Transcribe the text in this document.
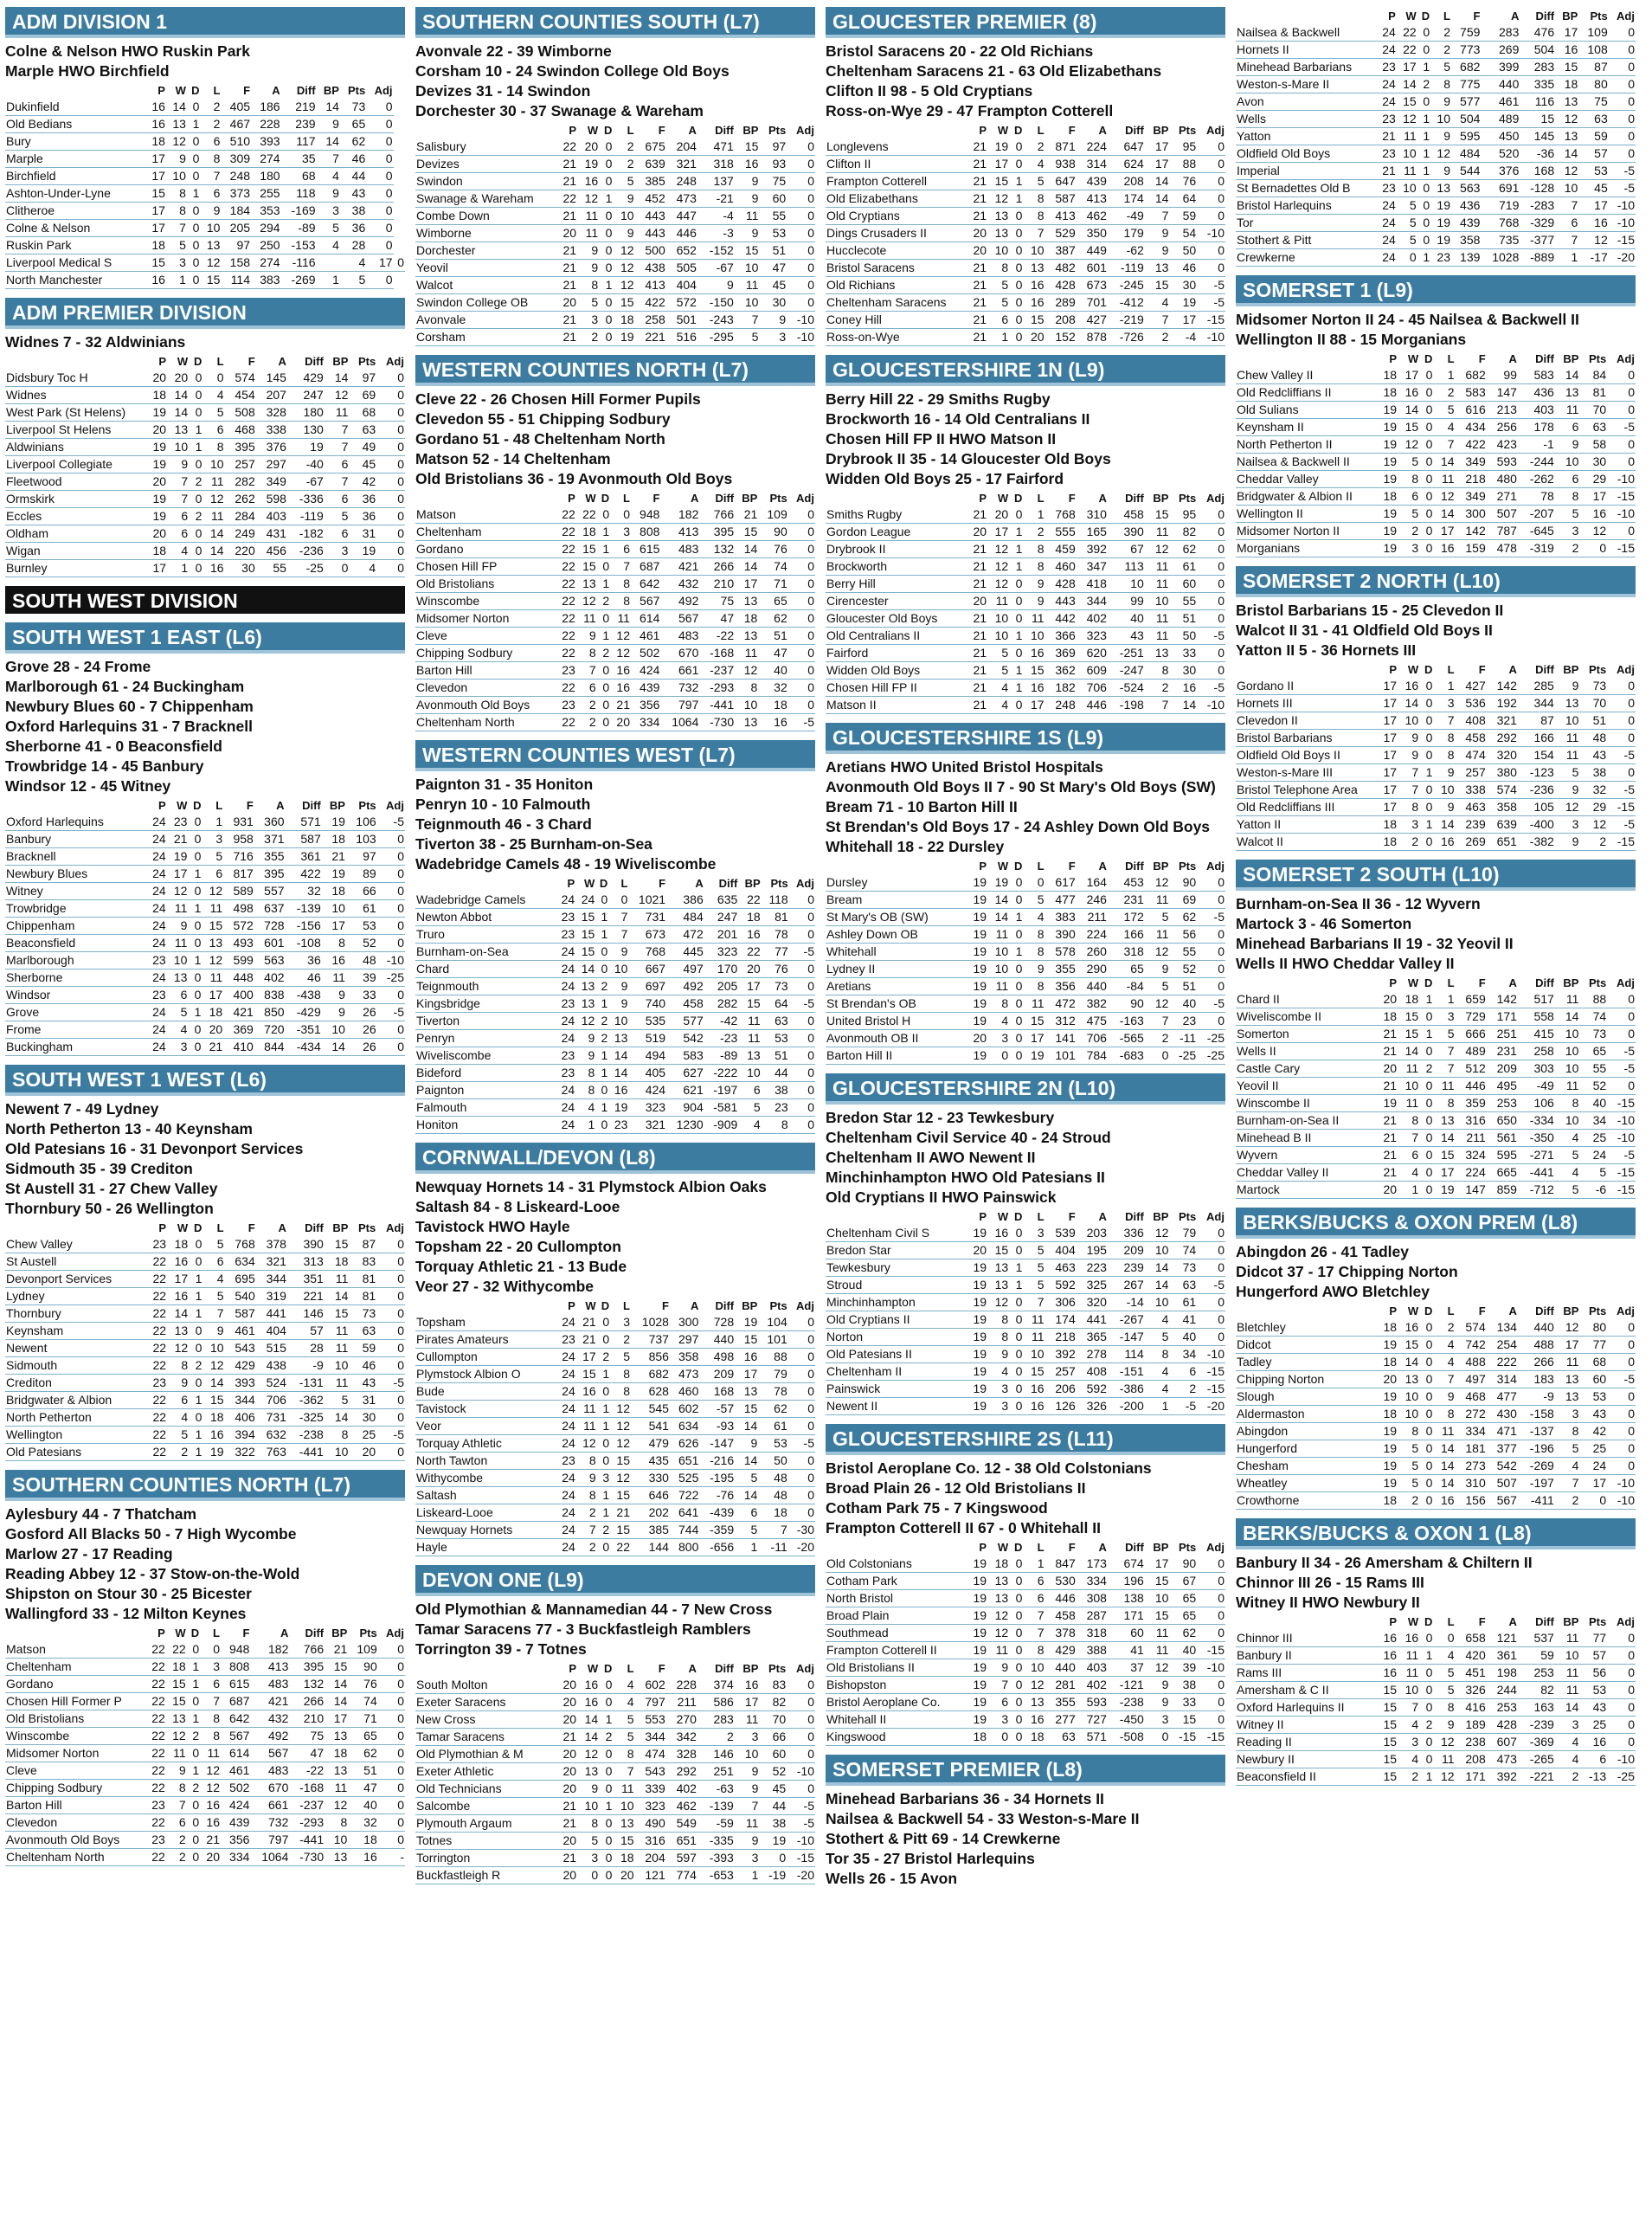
ADM DIVISION 1
Colne & Nelson HWO Ruskin Park
Marple HWO Birchfield
	P	W	D	L	F	A	Diff	BP	Pts	Adj	
Dukinfield	16	14	0	2	405	186	219	14	73	0	
Old Bedians	16	13	1	2	467	228	239	9	65	0	
Bury	18	12	0	6	510	393	117	14	62	0	
Marple	17	9	0	8	309	274	35	7	46	0	
Birchfield	17	10	0	7	248	180	68	4	44	0	
Ashton-Under-Lyne	15	8	1	6	373	255	118	9	43	0	
Clitheroe	17	8	0	9	184	353	-169	3	38	0	
Colne & Nelson	17	7	0	10	205	294	-89	5	36	0	
Ruskin Park	18	5	0	13	97	250	-153	4	28	0	
Liverpool Medical S	15	3	0	12	158	274	-116		4	17	0
North Manchester	16	1	0	15	114	383	-269	1	5	0	
ADM PREMIER DIVISION
Widnes 7 - 32 Aldwinians
	P	W	D	L	F	A	Diff	BP	Pts	Adj
Didsbury Toc H	20	20	0	0	574	145	429	14	97	0
Widnes	18	14	0	4	454	207	247	12	69	0
West Park (St Helens)	19	14	0	5	508	328	180	11	68	0
Liverpool St Helens	20	13	1	6	468	338	130	7	63	0
Aldwinians	19	10	1	8	395	376	19	7	49	0
Liverpool Collegiate	19	9	0	10	257	297	-40	6	45	0
Fleetwood	20	7	2	11	282	349	-67	7	42	0
Ormskirk	19	7	0	12	262	598	-336	6	36	0
Eccles	19	6	2	11	284	403	-119	5	36	0
Oldham	20	6	0	14	249	431	-182	6	31	0
Wigan	18	4	0	14	220	456	-236	3	19	0
Burnley	17	1	0	16	30	55	-25	0	4	0
SOUTH WEST DIVISION
SOUTH WEST 1 EAST (L6)
Grove 28 - 24 Frome
Marlborough 61 - 24 Buckingham
Newbury Blues 60 - 7 Chippenham
Oxford Harlequins 31 - 7 Bracknell
Sherborne 41 - 0 Beaconsfield
Trowbridge 14 - 45 Banbury
Windsor 12 - 45 Witney
	P	W	D	L	F	A	Diff	BP	Pts	Adj
Oxford Harlequins	24	23	0	1	931	360	571	19	106	-5
Banbury	24	21	0	3	958	371	587	18	103	0
Bracknell	24	19	0	5	716	355	361	21	97	0
Newbury Blues	24	17	1	6	817	395	422	19	89	0
Witney	24	12	0	12	589	557	32	18	66	0
Trowbridge	24	11	1	11	498	637	-139	10	61	0
Chippenham	24	9	0	15	572	728	-156	17	53	0
Beaconsfield	24	11	0	13	493	601	-108	8	52	0
Marlborough	23	10	1	12	599	563	36	16	48	-10
Sherborne	24	13	0	11	448	402	46	11	39	-25
Windsor	23	6	0	17	400	838	-438	9	33	0
Grove	24	5	1	18	421	850	-429	9	26	-5
Frome	24	4	0	20	369	720	-351	10	26	0
Buckingham	24	3	0	21	410	844	-434	14	26	0
SOUTH WEST 1 WEST (L6)
Newent 7 - 49 Lydney
North Petherton 13 - 40 Keynsham
Old Patesians 16 - 31 Devonport Services
Sidmouth 35 - 39 Crediton
St Austell 31 - 27 Chew Valley
Thornbury 50 - 26 Wellington
	P	W	D	L	F	A	Diff	BP	Pts	Adj
Chew Valley	23	18	0	5	768	378	390	15	87	0
St Austell	22	16	0	6	634	321	313	18	83	0
Devonport Services	22	17	1	4	695	344	351	11	81	0
Lydney	22	16	1	5	540	319	221	14	81	0
Thornbury	22	14	1	7	587	441	146	15	73	0
Keynsham	22	13	0	9	461	404	57	11	63	0
Newent	22	12	0	10	543	515	28	11	59	0
Sidmouth	22	8	2	12	429	438	-9	10	46	0
Crediton	23	9	0	14	393	524	-131	11	43	-5
Bridgwater & Albion	22	6	1	15	344	706	-362	5	31	0
North Petherton	22	4	0	18	406	731	-325	14	30	0
Wellington	22	5	1	16	394	632	-238	8	25	-5
Old Patesians	22	2	1	19	322	763	-441	10	20	0
SOUTHERN COUNTIES NORTH (L7)
Aylesbury 44 - 7 Thatcham
Gosford All Blacks 50 - 7 High Wycombe
Marlow 27 - 17 Reading
Reading Abbey 12 - 37 Stow-on-the-Wold
Shipston on Stour 30 - 25 Bicester
Wallingford 33 - 12 Milton Keynes
	P	W	D	L	F	A	Diff	BP	Pts	Adj
Matson	22	22	0	0	948	182	766	21	109	0
Cheltenham	22	18	1	3	808	413	395	15	90	0
Gordano	22	15	1	6	615	483	132	14	76	0
Chosen Hill Former P	22	15	0	7	687	421	266	14	74	0
Old Bristolians	22	13	1	8	642	432	210	17	71	0
Winscombe	22	12	2	8	567	492	75	13	65	0
Midsomer Norton	22	11	0	11	614	567	47	18	62	0
Cleve	22	9	1	12	461	483	-22	13	51	0
Chipping Sodbury	22	8	2	12	502	670	-168	11	47	0
Barton Hill	23	7	0	16	424	661	-237	12	40	0
Clevedon	22	6	0	16	439	732	-293	8	32	0
Avonmouth Old Boys	23	2	0	21	356	797	-441	10	18	0
Cheltenham North	22	2	0	20	334	1064	-730	13	16	-
SOUTHERN COUNTIES SOUTH (L7)
Avonvale 22 - 39 Wimborne
Corsham 10 - 24 Swindon College Old Boys
Devizes 31 - 14 Swindon
Dorchester 30 - 37 Swanage & Wareham
	P	W	D	L	F	A	Diff	BP	Pts	Adj
Salisbury	22	20	0	2	675	204	471	15	97	0
Devizes	21	19	0	2	639	321	318	16	93	0
Swindon	21	16	0	5	385	248	137	9	75	0
Swanage & Wareham	22	12	1	9	452	473	-21	9	60	0
Combe Down	21	11	0	10	443	447	-4	11	55	0
Wimborne	20	11	0	9	443	446	-3	9	53	0
Dorchester	21	9	0	12	500	652	-152	15	51	0
Yeovil	21	9	0	12	438	505	-67	10	47	0
Walcot	21	8	1	12	413	404	9	11	45	0
Swindon College OB	20	5	0	15	422	572	-150	10	30	0
Avonvale	21	3	0	18	258	501	-243	7	9	-10
Corsham	21	2	0	19	221	516	-295	5	3	-10
WESTERN COUNTIES NORTH (L7)
Cleve 22 - 26 Chosen Hill Former Pupils
Clevedon 55 - 51 Chipping Sodbury
Gordano 51 - 48 Cheltenham North
Matson 52 - 14 Cheltenham
Old Bristolians 36 - 19 Avonmouth Old Boys
	P	W	D	L	F	A	Diff	BP	Pts	Adj
Matson	22	22	0	0	948	182	766	21	109	0
Cheltenham	22	18	1	3	808	413	395	15	90	0
Gordano	22	15	1	6	615	483	132	14	76	0
Chosen Hill FP	22	15	0	7	687	421	266	14	74	0
Old Bristolians	22	13	1	8	642	432	210	17	71	0
Winscombe	22	12	2	8	567	492	75	13	65	0
Midsomer Norton	22	11	0	11	614	567	47	18	62	0
Cleve	22	9	1	12	461	483	-22	13	51	0
Chipping Sodbury	22	8	2	12	502	670	-168	11	47	0
Barton Hill	23	7	0	16	424	661	-237	12	40	0
Clevedon	22	6	0	16	439	732	-293	8	32	0
Avonmouth Old Boys	23	2	0	21	356	797	-441	10	18	0
Cheltenham North	22	2	0	20	334	1064	-730	13	16	-5
WESTERN COUNTIES WEST (L7)
Paignton 31 - 35 Honiton
Penryn 10 - 10 Falmouth
Teignmouth 46 - 3 Chard
Tiverton 38 - 25 Burnham-on-Sea
Wadebridge Camels 48 - 19 Wiveliscombe
	P	W	D	L	F	A	Diff	BP	Pts	Adj
Wadebridge Camels	24	24	0	0	1021	386	635	22	118	0
Newton Abbot	23	15	1	7	731	484	247	18	81	0
Truro	23	15	1	7	673	472	201	16	78	0
Burnham-on-Sea	24	15	0	9	768	445	323	22	77	-5
Chard	24	14	0	10	667	497	170	20	76	0
Teignmouth	24	13	2	9	697	492	205	17	73	0
Kingsbridge	23	13	1	9	740	458	282	15	64	-5
Tiverton	24	12	2	10	535	577	-42	11	63	0
Penryn	24	9	2	13	519	542	-23	11	53	0
Wiveliscombe	23	9	1	14	494	583	-89	13	51	0
Bideford	23	8	1	14	405	627	-222	10	44	0
Paignton	24	8	0	16	424	621	-197	6	38	0
Falmouth	24	4	1	19	323	904	-581	5	23	0
Honiton	24	1	0	23	321	1230	-909	4	8	0
CORNWALL/DEVON (L8)
Newquay Hornets 14 - 31 Plymstock Albion Oaks
Saltash 84 - 8 Liskeard-Looe
Tavistock HWO Hayle
Topsham 22 - 20 Cullompton
Torquay Athletic 21 - 13 Bude
Veor 27 - 32 Withycombe
	P	W	D	L	F	A	Diff	BP	Pts	Adj
Topsham	24	21	0	3	1028	300	728	19	104	0
Pirates Amateurs	23	21	0	2	737	297	440	15	101	0
Cullompton	24	17	2	5	856	358	498	16	88	0
Plymstock Albion O	24	15	1	8	682	473	209	17	79	0
Bude	24	16	0	8	628	460	168	13	78	0
Tavistock	24	11	1	12	545	602	-57	15	62	0
Veor	24	11	1	12	541	634	-93	14	61	0
Torquay Athletic	24	12	0	12	479	626	-147	9	53	-5
North Tawton	23	8	0	15	435	651	-216	14	50	0
Withycombe	24	9	3	12	330	525	-195	5	48	0
Saltash	24	8	1	15	646	722	-76	14	48	0
Liskeard-Looe	24	2	1	21	202	641	-439	6	18	0
Newquay Hornets	24	7	2	15	385	744	-359	5	7	-30
Hayle	24	2	0	22	144	800	-656	1	-11	-20
DEVON ONE (L9)
Old Plymothian & Mannamedian 44 - 7 New Cross
Tamar Saracens 77 - 3 Buckfastleigh Ramblers
Torrington 39 - 7 Totnes
	P	W	D	L	F	A	Diff	BP	Pts	Adj
South Molton	20	16	0	4	602	228	374	16	83	0
Exeter Saracens	20	16	0	4	797	211	586	17	82	0
New Cross	20	14	1	5	553	270	283	11	70	0
Tamar Saracens	21	14	2	5	344	342	2	3	66	0
Old Plymothian & M	20	12	0	8	474	328	146	10	60	0
Exeter Athletic	20	13	0	7	543	292	251	9	52	-10
Old Technicians	20	9	0	11	339	402	-63	9	45	0
Salcombe	21	10	1	10	323	462	-139	7	44	-5
Plymouth Argaum	21	8	0	13	490	549	-59	11	38	-5
Totnes	20	5	0	15	316	651	-335	9	19	-10
Torrington	21	3	0	18	204	597	-393	3	0	-15
Buckfastleigh R	20	0	0	20	121	774	-653	1	-19	-20
GLOUCESTER PREMIER (8)
Bristol Saracens 20 - 22 Old Richians
Cheltenham Saracens 21 - 63 Old Elizabethans
Clifton II 98 - 5 Old Cryptians
Ross-on-Wye 29 - 47 Frampton Cotterell
	P	W	D	L	F	A	Diff	BP	Pts	Adj
Longlevens	21	19	0	2	871	224	647	17	95	0
Clifton II	21	17	0	4	938	314	624	17	88	0
Frampton Cotterell	21	15	1	5	647	439	208	14	76	0
Old Elizabethans	21	12	1	8	587	413	174	14	64	0
Old Cryptians	21	13	0	8	413	462	-49	7	59	0
Dings Crusaders II	20	13	0	7	529	350	179	9	54	-10
Hucclecote	20	10	0	10	387	449	-62	9	50	0
Bristol Saracens	21	8	0	13	482	601	-119	13	46	0
Old Richians	21	5	0	16	428	673	-245	15	30	-5
Cheltenham Saracens	21	5	0	16	289	701	-412	4	19	-5
Coney Hill	21	6	0	15	208	427	-219	7	17	-15
Ross-on-Wye	21	1	0	20	152	878	-726	2	-4	-10
GLOUCESTERSHIRE 1N (L9)
Berry Hill 22 - 29 Smiths Rugby
Brockworth 16 - 14 Old Centralians II
Chosen Hill FP II HWO Matson II
Drybrook II 35 - 14 Gloucester Old Boys
Widden Old Boys 25 - 17 Fairford
	P	W	D	L	F	A	Diff	BP	Pts	Adj
Smiths Rugby	21	20	0	1	768	310	458	15	95	0
Gordon League	20	17	1	2	555	165	390	11	82	0
Drybrook II	21	12	1	8	459	392	67	12	62	0
Brockworth	21	12	1	8	460	347	113	11	61	0
Berry Hill	21	12	0	9	428	418	10	11	60	0
Cirencester	20	11	0	9	443	344	99	10	55	0
Gloucester Old Boys	21	10	0	11	442	402	40	11	51	0
Old Centralians II	21	10	1	10	366	323	43	11	50	-5
Fairford	21	5	0	16	369	620	-251	13	33	0
Widden Old Boys	21	5	1	15	362	609	-247	8	30	0
Chosen Hill FP II	21	4	1	16	182	706	-524	2	16	-5
Matson II	21	4	0	17	248	446	-198	7	14	-10
GLOUCESTERSHIRE 1S (L9)
Aretians HWO United Bristol Hospitals
Avonmouth Old Boys II 7 - 90 St Mary's Old Boys (SW)
Bream 71 - 10 Barton Hill II
St Brendan's Old Boys 17 - 24 Ashley Down Old Boys
Whitehall 18 - 22 Dursley
	P	W	D	L	F	A	Diff	BP	Pts	Adj
Dursley	19	19	0	0	617	164	453	12	90	0
Bream	19	14	0	5	477	246	231	11	69	0
St Mary's OB (SW)	19	14	1	4	383	211	172	5	62	-5
Ashley Down OB	19	11	0	8	390	224	166	11	56	0
Whitehall	19	10	1	8	578	260	318	12	55	0
Lydney II	19	10	0	9	355	290	65	9	52	0
Aretians	19	11	0	8	356	440	-84	5	51	0
St Brendan's OB	19	8	0	11	472	382	90	12	40	-5
United Bristol H	19	4	0	15	312	475	-163	7	23	0
Avonmouth OB II	20	3	0	17	141	706	-565	2	-11	-25
Barton Hill II	19	0	0	19	101	784	-683	0	-25	-25
GLOUCESTERSHIRE 2N (L10)
Bredon Star 12 - 23 Tewkesbury
Cheltenham Civil Service 40 - 24 Stroud
Cheltenham II AWO Newent II
Minchinhampton HWO Old Patesians II
Old Cryptians II HWO Painswick
	P	W	D	L	F	A	Diff	BP	Pts	Adj
Cheltenham Civil S	19	16	0	3	539	203	336	12	79	0
Bredon Star	20	15	0	5	404	195	209	10	74	0
Tewkesbury	19	13	1	5	463	223	239	14	73	0
Stroud	19	13	1	5	592	325	267	14	63	-5
Minchinhampton	19	12	0	7	306	320	-14	10	61	0
Old Cryptians II	19	8	0	11	174	441	-267	4	41	0
Norton	19	8	0	11	218	365	-147	5	40	0
Old Patesians II	19	9	0	10	392	278	114	8	34	-10
Cheltenham II	19	4	0	15	257	408	-151	4	6	-15
Painswick	19	3	0	16	206	592	-386	4	2	-15
Newent II	19	3	0	16	126	326	-200	1	-5	-20
GLOUCESTERSHIRE 2S (L11)
Bristol Aeroplane Co. 12 - 38 Old Colstonians
Broad Plain 26 - 12 Old Bristolians II
Cotham Park 75 - 7 Kingswood
Frampton Cotterell II 67 - 0 Whitehall II
	P	W	D	L	F	A	Diff	BP	Pts	Adj
Old Colstonians	19	18	0	1	847	173	674	17	90	0
Cotham Park	19	13	0	6	530	334	196	15	67	0
North Bristol	19	13	0	6	446	308	138	10	65	0
Broad Plain	19	12	0	7	458	287	171	15	65	0
Southmead	19	12	0	7	378	318	60	11	62	0
Frampton Cotterell II	19	11	0	8	429	388	41	11	40	-15
Old Bristolians II	19	9	0	10	440	403	37	12	39	-10
Bishopston	19	7	0	12	281	402	-121	9	38	0
Bristol Aeroplane Co.	19	6	0	13	355	593	-238	9	33	0
Whitehall II	19	3	0	16	277	727	-450	3	15	0
Kingswood	18	0	0	18	63	571	-508	0	-15	-15
SOMERSET PREMIER (L8)
Minehead Barbarians 36 - 34 Hornets II
Nailsea & Backwell 54 - 33 Weston-s-Mare II
Stothert & Pitt 69 - 14 Crewkerne
Tor 35 - 27 Bristol Harlequins
Wells 26 - 15 Avon
	P	W	D	L	F	A	Diff	BP	Pts	Adj
Nailsea & Backwell	24	22	0	2	759	283	476	17	109	0
Hornets II	24	22	0	2	773	269	504	16	108	0
Minehead Barbarians	23	17	1	5	682	399	283	15	87	0
Weston-s-Mare II	24	14	2	8	775	440	335	18	80	0
Avon	24	15	0	9	577	461	116	13	75	0
Wells	23	12	1	10	504	489	15	12	63	0
Yatton	21	11	1	9	595	450	145	13	59	0
Oldfield Old Boys	23	10	1	12	484	520	-36	14	57	0
Imperial	21	11	1	9	544	376	168	12	53	-5
St Bernadettes Old B	23	10	0	13	563	691	-128	10	45	-5
Bristol Harlequins	24	5	0	19	436	719	-283	7	17	-10
Tor	24	5	0	19	439	768	-329	6	16	-10
Stothert & Pitt	24	5	0	19	358	735	-377	7	12	-15
Crewkerne	24	0	1	23	139	1028	-889	1	-17	-20
SOMERSET 1 (L9)
Midsomer Norton II 24 - 45 Nailsea & Backwell II
Wellington II 88 - 15 Morganians
	P	W	D	L	F	A	Diff	BP	Pts	Adj
Chew Valley II	18	17	0	1	682	99	583	14	84	0
Old Redcliffians II	18	16	0	2	583	147	436	13	81	0
Old Sulians	19	14	0	5	616	213	403	11	70	0
Keynsham II	19	15	0	4	434	256	178	6	63	-5
North Petherton II	19	12	0	7	422	423	-1	9	58	0
Nailsea & Backwell II	19	5	0	14	349	593	-244	10	30	0
Cheddar Valley	19	8	0	11	218	480	-262	6	29	-10
Bridgwater & Albion II	18	6	0	12	349	271	78	8	17	-15
Wellington II	19	5	0	14	300	507	-207	5	16	-10
Midsomer Norton II	19	2	0	17	142	787	-645	3	12	0
Morganians	19	3	0	16	159	478	-319	2	0	-15
SOMERSET 2 NORTH (L10)
Bristol Barbarians 15 - 25 Clevedon II
Walcot II 31 - 41 Oldfield Old Boys II
Yatton II 5 - 36 Hornets III
	P	W	D	L	F	A	Diff	BP	Pts	Adj
Gordano II	17	16	0	1	427	142	285	9	73	0
Hornets III	17	14	0	3	536	192	344	13	70	0
Clevedon II	17	10	0	7	408	321	87	10	51	0
Bristol Barbarians	17	9	0	8	458	292	166	11	48	0
Oldfield Old Boys II	17	9	0	8	474	320	154	11	43	-5
Weston-s-Mare III	17	7	1	9	257	380	-123	5	38	0
Bristol Telephone Area	17	7	0	10	338	574	-236	9	32	-5
Old Redcliffians III	17	8	0	9	463	358	105	12	29	-15
Yatton II	18	3	1	14	239	639	-400	3	12	-5
Walcot II	18	2	0	16	269	651	-382	9	2	-15
SOMERSET 2 SOUTH (L10)
Burnham-on-Sea II 36 - 12 Wyvern
Martock 3 - 46 Somerton
Minehead Barbarians II 19 - 32 Yeovil II
Wells II HWO Cheddar Valley II
	P	W	D	L	F	A	Diff	BP	Pts	Adj
Chard II	20	18	1	1	659	142	517	11	88	0
Wiveliscombe II	18	15	0	3	729	171	558	14	74	0
Somerton	21	15	1	5	666	251	415	10	73	0
Wells II	21	14	0	7	489	231	258	10	65	-5
Castle Cary	20	11	2	7	512	209	303	10	55	-5
Yeovil II	21	10	0	11	446	495	-49	11	52	0
Winscombe II	19	11	0	8	359	253	106	8	40	-15
Burnham-on-Sea II	21	8	0	13	316	650	-334	10	34	-10
Minehead B II	21	7	0	14	211	561	-350	4	25	-10
Wyvern	21	6	0	15	324	595	-271	5	24	-5
Cheddar Valley II	21	4	0	17	224	665	-441	4	5	-15
Martock	20	1	0	19	147	859	-712	5	-6	-15
BERKS/BUCKS & OXON PREM (L8)
Abingdon 26 - 41 Tadley
Didcot 37 - 17 Chipping Norton
Hungerford AWO Bletchley
	P	W	D	L	F	A	Diff	BP	Pts	Adj
Bletchley	18	16	0	2	574	134	440	12	80	0
Didcot	19	15	0	4	742	254	488	17	77	0
Tadley	18	14	0	4	488	222	266	11	68	0
Chipping Norton	20	13	0	7	497	314	183	13	60	-5
Slough	19	10	0	9	468	477	-9	13	53	0
Aldermaston	18	10	0	8	272	430	-158	3	43	0
Abingdon	19	8	0	11	334	471	-137	8	42	0
Hungerford	19	5	0	14	181	377	-196	5	25	0
Chesham	19	5	0	14	273	542	-269	4	24	0
Wheatley	19	5	0	14	310	507	-197	7	17	-10
Crowthorne	18	2	0	16	156	567	-411	2	0	-10
BERKS/BUCKS & OXON 1 (L8)
Banbury II 34 - 26 Amersham & Chiltern II
Chinnor III 26 - 15 Rams III
Witney II HWO Newbury II
	P	W	D	L	F	A	Diff	BP	Pts	Adj
Chinnor III	16	16	0	0	658	121	537	11	77	0
Banbury II	16	11	1	4	420	361	59	10	57	0
Rams III	16	11	0	5	451	198	253	11	56	0
Amersham & C II	15	10	0	5	326	244	82	11	53	0
Oxford Harlequins II	15	7	0	8	416	253	163	14	43	0
Witney II	15	4	2	9	189	428	-239	3	25	0
Reading II	15	3	0	12	238	607	-369	4	16	0
Newbury II	15	4	0	11	208	473	-265	4	6	-10
Beaconsfield II	15	2	1	12	171	392	-221	2	-13	-25
